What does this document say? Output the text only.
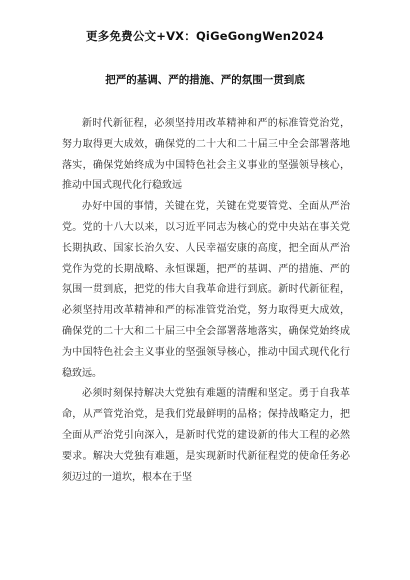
更多免费公文+VX：QiGeGongWen2024
把严的基调、严的措施、严的氛围一贯到底

新时代新征程，必须坚持用改革精神和严的标准管党治党，努力取得更大成效，确保党的二十大和二十届三中全会部署落地落实，确保党始终成为中国特色社会主义事业的坚强领导核心，推动中国式现代化行稳致远

办好中国的事情，关键在党，关键在党要管党、全面从严治党。党的十八大以来，以习近平同志为核心的党中央站在事关党长期执政、国家长治久安、人民幸福安康的高度，把全面从严治党作为党的长期战略、永恒课题，把严的基调、严的措施、严的氛围一贯到底，把党的伟大自我革命进行到底。新时代新征程，必须坚持用改革精神和严的标准管党治党，努力取得更大成效，确保党的二十大和二十届三中全会部署落地落实，确保党始终成为中国特色社会主义事业的坚强领导核心，推动中国式现代化行稳致远。

必须时刻保持解决大党独有难题的清醒和坚定。勇于自我革命，从严管党治党，是我们党最鲜明的品格；保持战略定力，把全面从严治党引向深入，是新时代党的建设新的伟大工程的必然要求。解决大党独有难题，是实现新时代新征程党的使命任务必须迈过的一道坎，根本在于坚
